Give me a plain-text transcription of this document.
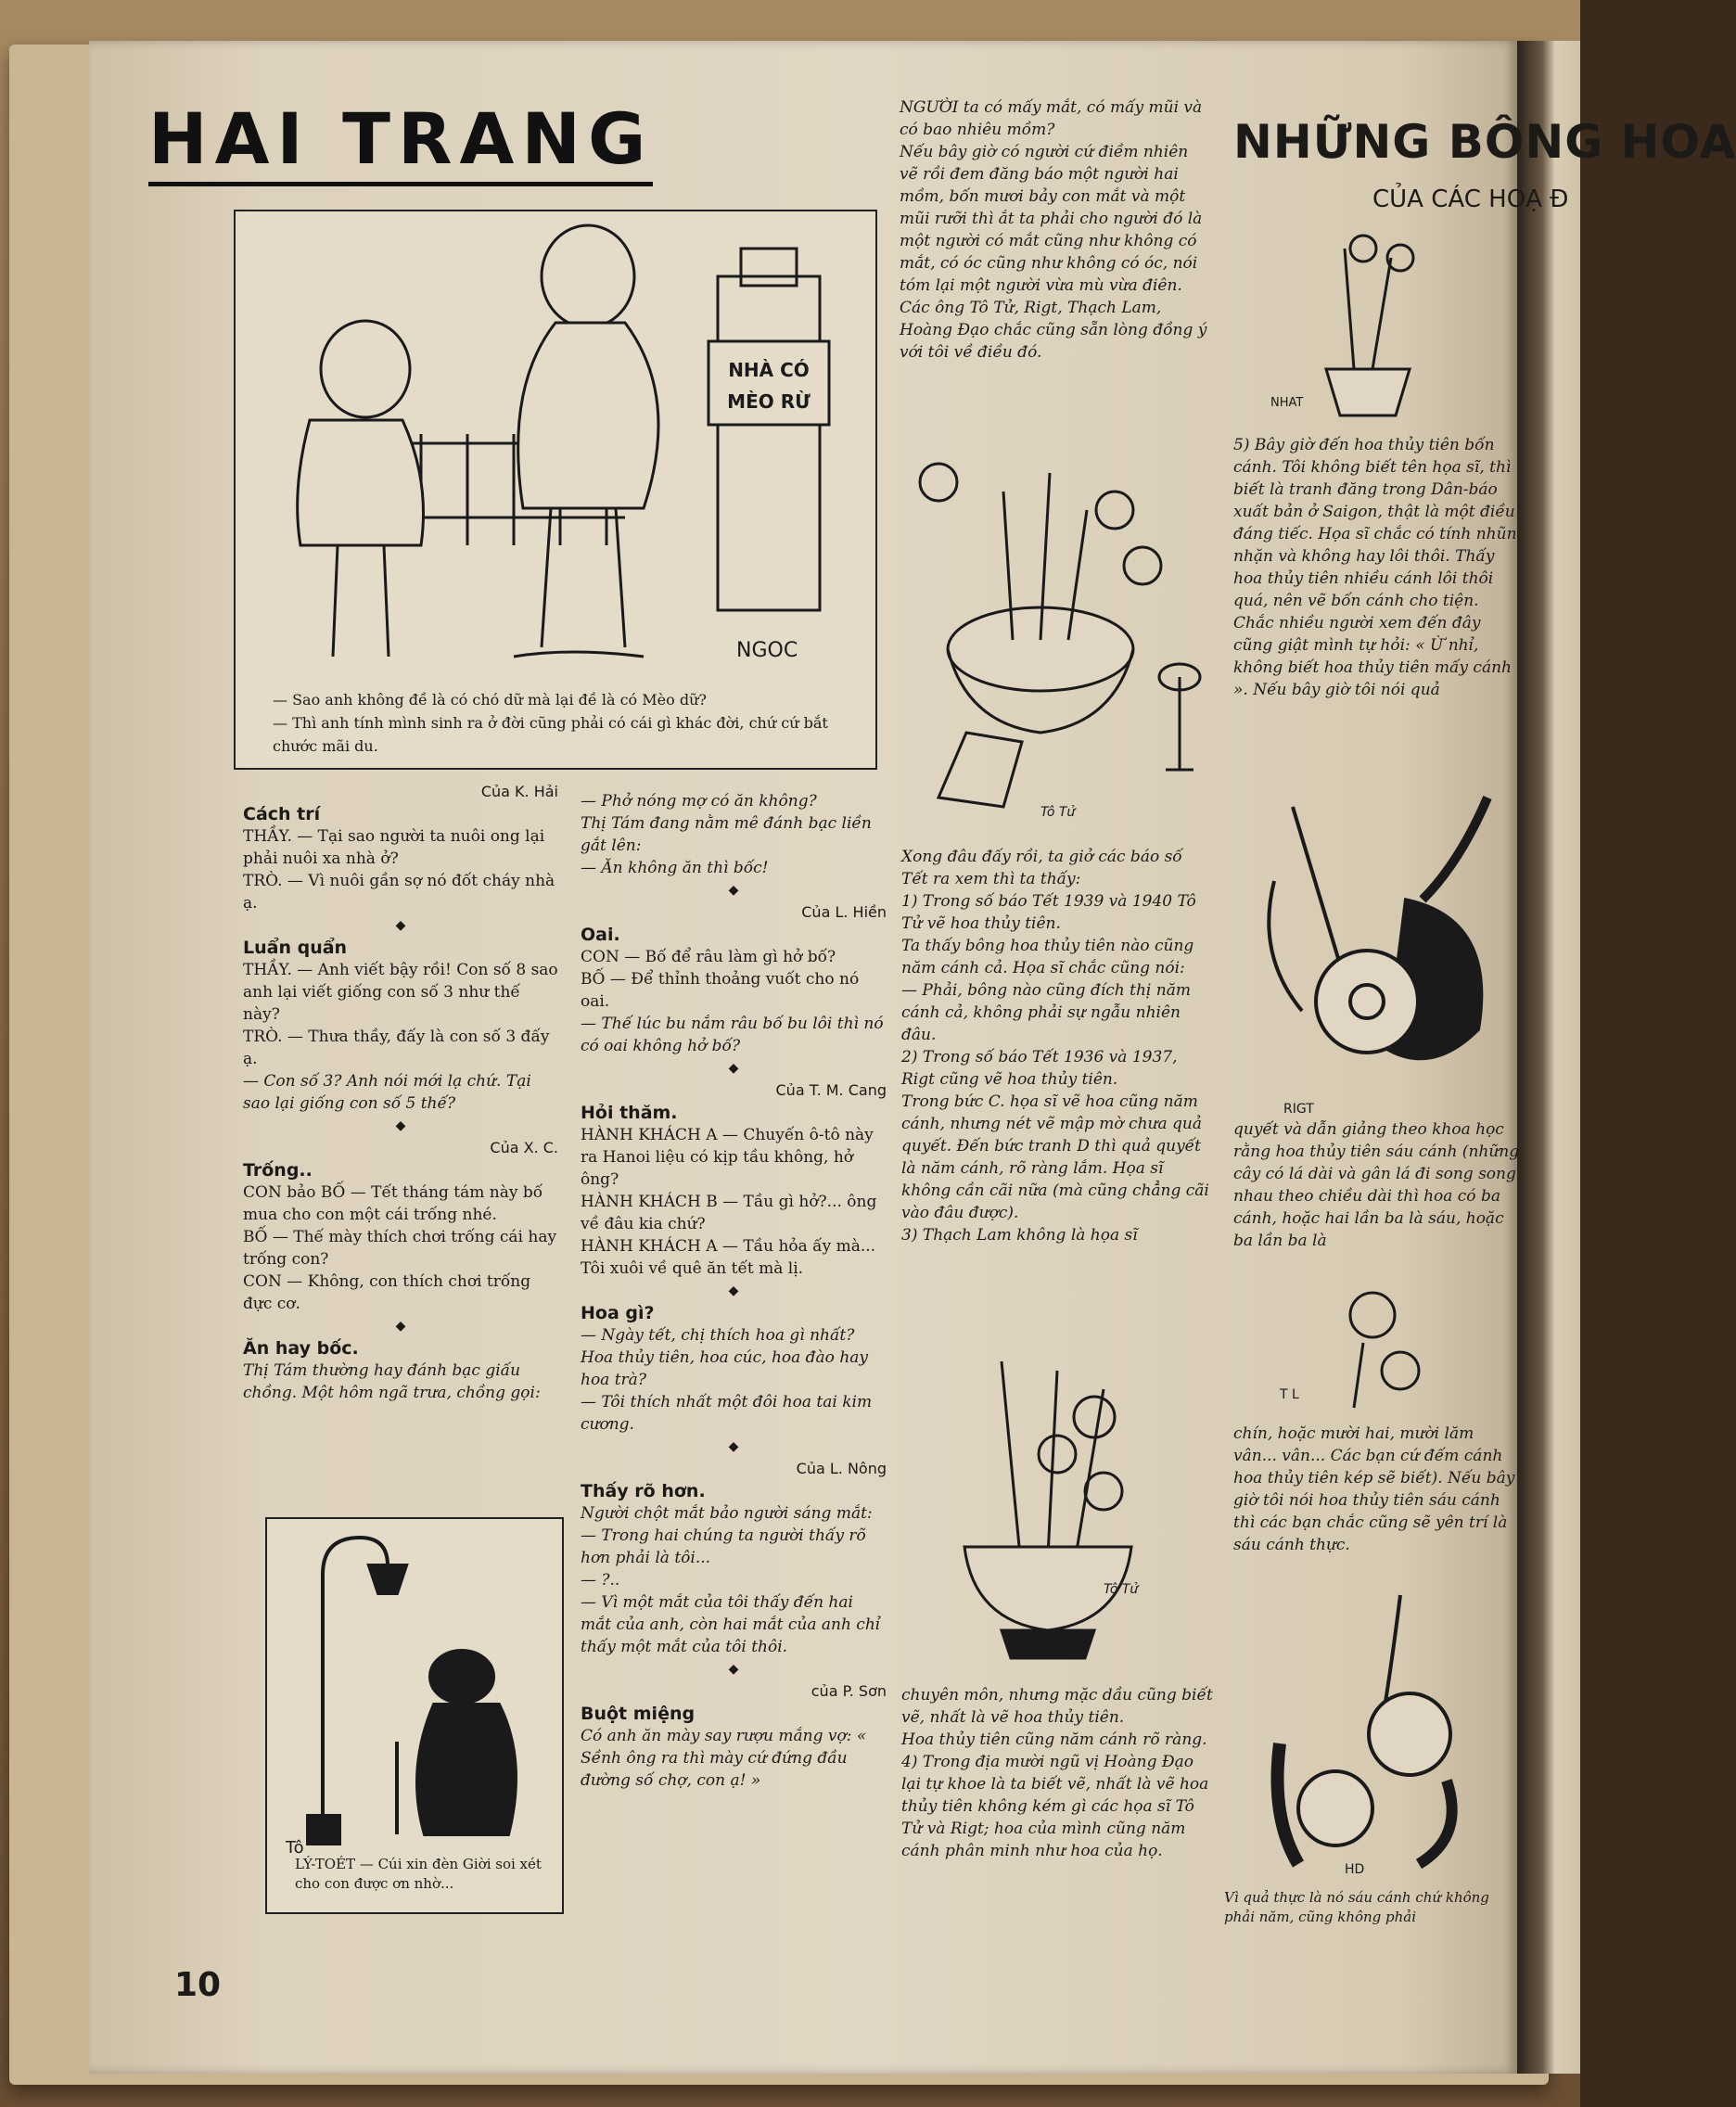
HAI TRANG
NHÀ CÓ
MÈO RỪ
NGOC
— Sao anh không đề là có chó dữ mà lại đề là có Mèo dữ?
— Thì anh tính mình sinh ra ở đời cũng phải có cái gì khác đời, chứ cứ bắt chước mãi du.
Của K. Hải
Cách trí

THẦY. — Tại sao người ta nuôi ong lại phải nuôi xa nhà ở?

TRÒ. — Vì nuôi gần sợ nó đốt cháy nhà ạ.

◆
Luẩn quẩn

THẦY. — Anh viết bậy rồi! Con số 8 sao anh lại viết giống con số 3 như thế này?

TRÒ. — Thưa thầy, đấy là con số 3 đấy ạ.

— Con số 3? Anh nói mới lạ chứ. Tại sao lại giống con số 5 thế?

◆
Của X. C.
Trống..

CON bảo BỐ — Tết tháng tám này bố mua cho con một cái trống nhé.

BỐ — Thế mày thích chơi trống cái hay trống con?

CON — Không, con thích chơi trống đực cơ.

◆
Ăn hay bốc.

Thị Tám thường hay đánh bạc giấu chồng. Một hôm ngã trưa, chồng gọi:

Tô
LÝ-TOÉT — Cúi xin đèn Giời soi xét cho con được ơn nhờ...

— Phở nóng mợ có ăn không?

Thị Tám đang nằm mê đánh bạc liền gắt lên:

— Ăn không ăn thì bốc!

◆
Của L. Hiền
Oai.

CON — Bố để râu làm gì hở bố?

BỐ — Để thỉnh thoảng vuốt cho nó oai.

— Thế lúc bu nắm râu bố bu lôi thì nó có oai không hở bố?

◆
Của T. M. Cang
Hỏi thăm.

HÀNH KHÁCH A — Chuyến ô-tô này ra Hanoi liệu có kịp tầu không, hở ông?

HÀNH KHÁCH B — Tầu gì hở?... ông về đâu kia chứ?

HÀNH KHÁCH A — Tầu hỏa ấy mà... Tôi xuôi về quê ăn tết mà lị.

◆
Hoa gì?

— Ngày tết, chị thích hoa gì nhất? Hoa thủy tiên, hoa cúc, hoa đào hay hoa trà?

— Tôi thích nhất một đôi hoa tai kim cương.

◆
Của L. Nông
Thấy rõ hơn.

Người chột mắt bảo người sáng mắt:

— Trong hai chúng ta người thấy rõ hơn phải là tôi...

— ?..

— Vì một mắt của tôi thấy đến hai mắt của anh, còn hai mắt của anh chỉ thấy một mắt của tôi thôi.

◆
của P. Sơn
Buột miệng

Có anh ăn mày say rượu mắng vợ: « Sềnh ông ra thì mày cứ đứng đầu đường số chợ, con ạ! »

NGƯỜI ta có mấy mắt, có mấy mũi và có bao nhiêu mồm?

Nếu bây giờ có người cứ điềm nhiên vẽ rồi đem đăng báo một người hai mồm, bốn mươi bảy con mắt và một mũi rưỡi thì ắt ta phải cho người đó là một người có mắt cũng như không có mắt, có óc cũng như không có óc, nói tóm lại một người vừa mù vừa điên. Các ông Tô Tử, Rigt, Thạch Lam, Hoàng Đạo chắc cũng sẵn lòng đồng ý với tôi về điều đó.

Tô Tử

Xong đâu đấy rồi, ta giở các báo số Tết ra xem thì ta thấy:

1) Trong số báo Tết 1939 và 1940 Tô Tử vẽ hoa thủy tiên.

Ta thấy bông hoa thủy tiên nào cũng năm cánh cả. Họa sĩ chắc cũng nói:

— Phải, bông nào cũng đích thị năm cánh cả, không phải sự ngẫu nhiên đâu.

2) Trong số báo Tết 1936 và 1937, Rigt cũng vẽ hoa thủy tiên.

Trong bức C. họa sĩ vẽ hoa cũng năm cánh, nhưng nét vẽ mập mờ chưa quả quyết. Đến bức tranh D thì quả quyết là năm cánh, rõ ràng lắm. Họa sĩ không cần cãi nữa (mà cũng chẳng cãi vào đâu được).

3) Thạch Lam không là họa sĩ

Tô Tử

chuyên môn, nhưng mặc dầu cũng biết vẽ, nhất là vẽ hoa thủy tiên.

Hoa thủy tiên cũng năm cánh rõ ràng.

4) Trong địa mười ngũ vị Hoàng Đạo lại tự khoe là ta biết vẽ, nhất là vẽ hoa thủy tiên không kém gì các họa sĩ Tô Tử và Rigt; hoa của mình cũng năm cánh phân minh như hoa của họ.

NHỮNG BÔNG HOA
CỦA CÁC HOẠ Đ
NHAT

5) Bây giờ đến hoa thủy tiên bốn cánh. Tôi không biết tên họa sĩ, thì biết là tranh đăng trong Dân-báo xuất bản ở Saigon, thật là một điều đáng tiếc. Họa sĩ chắc có tính nhũn nhặn và không hay lôi thôi. Thấy hoa thủy tiên nhiều cánh lôi thôi quá, nên vẽ bốn cánh cho tiện.

Chắc nhiều người xem đến đây cũng giật mình tự hỏi: « Ừ nhỉ, không biết hoa thủy tiên mấy cánh ». Nếu bây giờ tôi nói quả

RIGT

quyết và dẫn giảng theo khoa học rằng hoa thủy tiên sáu cánh (những cây có lá dài và gân lá đi song song nhau theo chiều dài thì hoa có ba cánh, hoặc hai lần ba là sáu, hoặc ba lần ba là

T L

chín, hoặc mười hai, mười lăm vân... vân... Các bạn cứ đếm cánh hoa thủy tiên kép sẽ biết). Nếu bây giờ tôi nói hoa thủy tiên sáu cánh thì các bạn chắc cũng sẽ yên trí là sáu cánh thực.

HD

Vì quả thực là nó sáu cánh chứ không phải năm, cũng không phải

10
